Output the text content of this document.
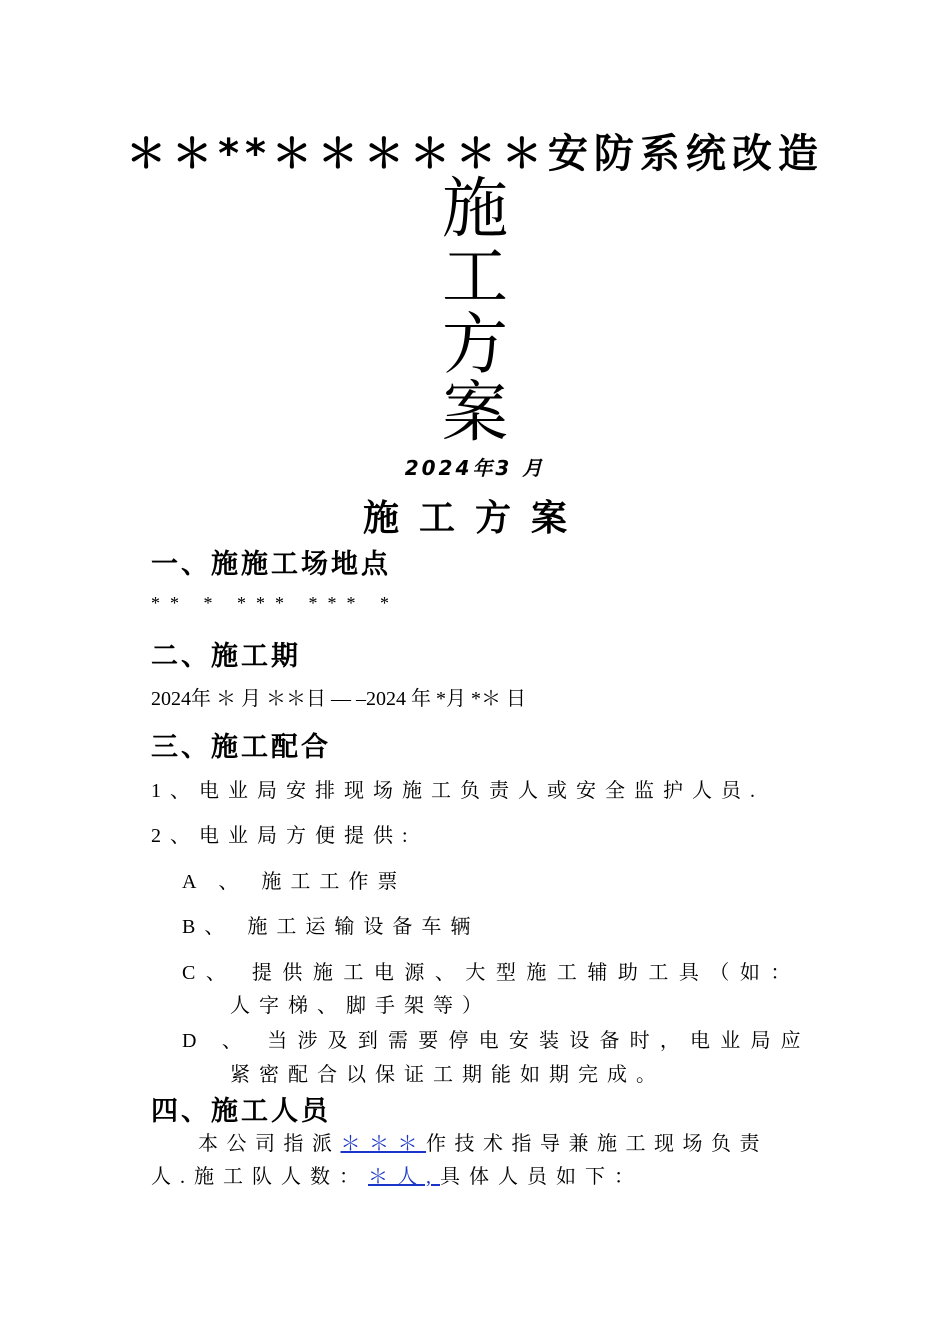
＊＊**＊＊＊＊＊＊安防系统改造
施
工
方
案
2024年3 月
施工方案
一、施施工场地点
** * *** *** *
二、施工期
2024年 ＊ 月 ＊＊日 — –2024 年 *月 *＊ 日
三、施工配合
1、电业局安排现场施工负责人或安全监护人员.
2、电业局方便提供:
A 、 施工工作票
B、 施工运输设备车辆
C、 提供施工电源、大型施工辅助工具（如：
人字梯、脚手架等）
D 、 当涉及到需要停电安装设备时，电业局应
紧密配合以保证工期能如期完成。
四、施工人员
本公司指派＊＊＊作技术指导兼施工现场负责
人.施工队人数：＊人,具体人员如下：
